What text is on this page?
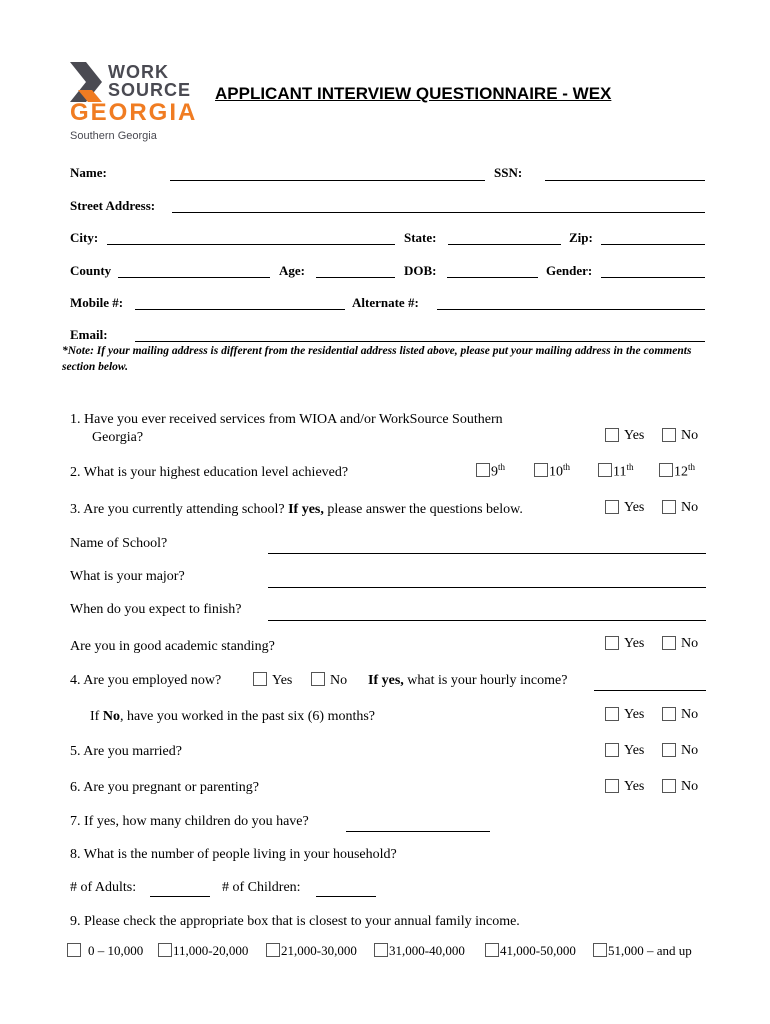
WORK
SOURCE
GEORGIA
Southern Georgia
APPLICANT INTERVIEW QUESTIONNAIRE - WEX
Name:	SSN:
Street Address:
City:	State:	Zip:
County	Age:	DOB:	Gender:
Mobile #:	Alternate #:
Email:
*Note: If your mailing address is different from the residential address listed above, please put your mailing address in the comments section below.
1. Have you ever received services from WIOA and/or WorkSource Southern
Georgia?	Yes	No
2. What is your highest education level achieved?	9th	10th	11th	12th
3. Are you currently attending school? If yes, please answer the questions below.	Yes	No
Name of School?
What is your major?
When do you expect to finish?
Are you in good academic standing?	Yes	No
4. Are you employed now?	Yes	No If yes, what is your hourly income?
If No, have you worked in the past six (6) months?	Yes	No
5. Are you married?	Yes	No
6. Are you pregnant or parenting?	Yes	No
7. If yes, how many children do you have?
8. What is the number of people living in your household?
# of Adults:	# of Children:
9. Please check the appropriate box that is closest to your annual family income.
0 – 10,000 11,000-20,000	21,000-30,000 31,000-40,000	41,000-50,000 51,000 – and up
